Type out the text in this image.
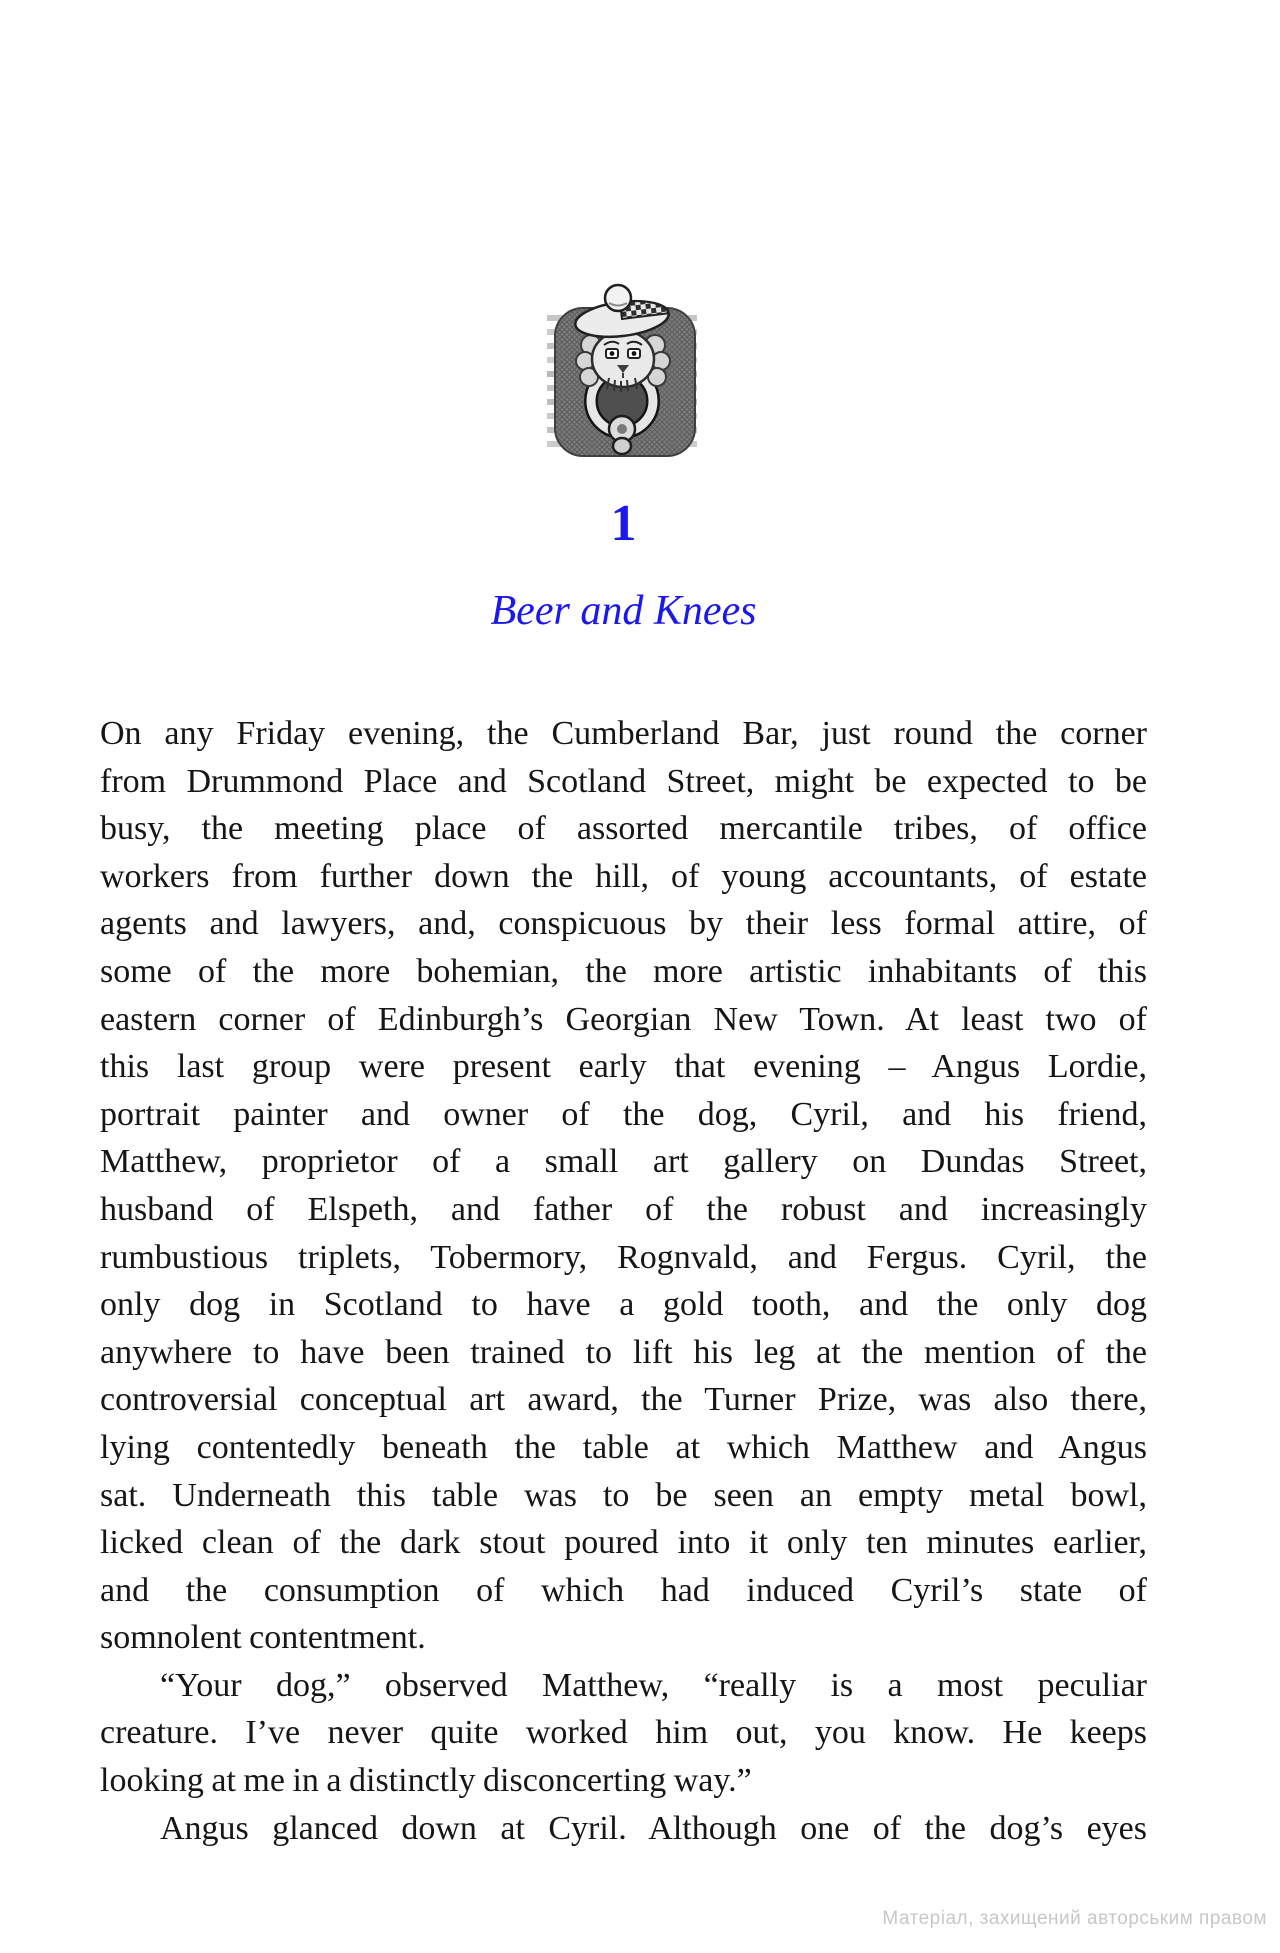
1
Beer and Knees
On any Friday evening, the Cumberland Bar, just round the corner
from Drummond Place and Scotland Street, might be expected to be
busy, the meeting place of assorted mercantile tribes, of office
workers from further down the hill, of young accountants, of estate
agents and lawyers, and, conspicuous by their less formal attire, of
some of the more bohemian, the more artistic inhabitants of this
eastern corner of Edinburgh’s Georgian New Town. At least two of
this last group were present early that evening – Angus Lordie,
portrait painter and owner of the dog, Cyril, and his friend,
Matthew, proprietor of a small art gallery on Dundas Street,
husband of Elspeth, and father of the robust and increasingly
rumbustious triplets, Tobermory, Rognvald, and Fergus. Cyril, the
only dog in Scotland to have a gold tooth, and the only dog
anywhere to have been trained to lift his leg at the mention of the
controversial conceptual art award, the Turner Prize, was also there,
lying contentedly beneath the table at which Matthew and Angus
sat. Underneath this table was to be seen an empty metal bowl,
licked clean of the dark stout poured into it only ten minutes earlier,
and the consumption of which had induced Cyril’s state of
somnolent contentment.
“Your dog,” observed Matthew, “really is a most peculiar
creature. I’ve never quite worked him out, you know. He keeps
looking at me in a distinctly disconcerting way.”
Angus glanced down at Cyril. Although one of the dog’s eyes
Матеріал, захищений авторським правом
